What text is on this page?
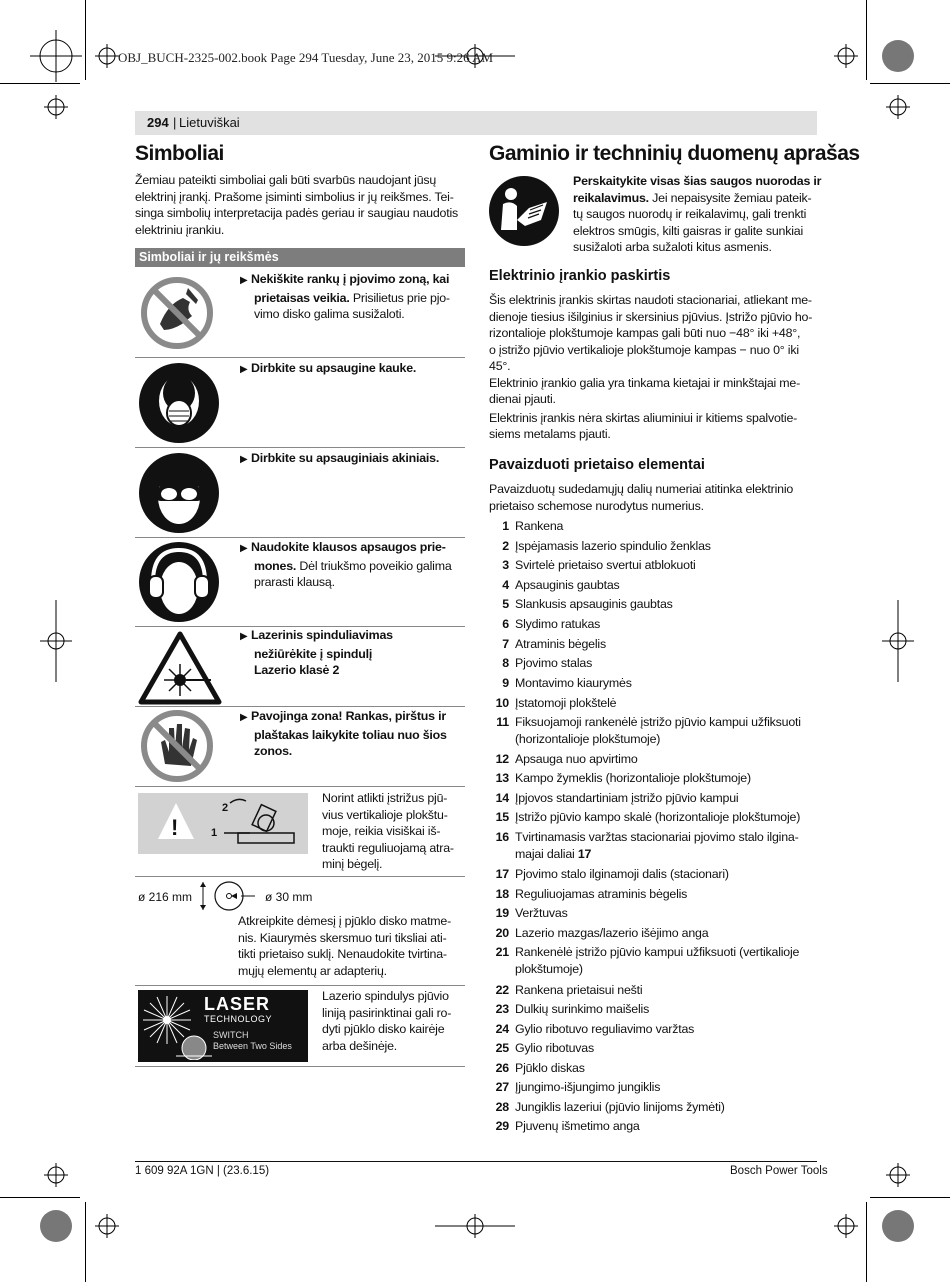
OBJ_BUCH-2325-002.book Page 294 Tuesday, June 23, 2015 9:26 AM
294 | Lietuviškai
Simboliai
Žemiau pateikti simboliai gali būti svarbūs naudojant jūsų
elektrinį įrankį. Prašome įsiminti simbolius ir jų reikšmes. Tei-
singa simbolių interpretacija padės geriau ir saugiau naudotis
elektriniu įrankiu.
Simboliai ir jų reikšmės
▶ Nekiškite rankų į pjovimo zoną, kai
prietaisas veikia. Prisilietus prie pjo-
vimo disko galima susižaloti.
▶ Dirbkite su apsaugine kauke.
▶ Dirbkite su apsauginiais akiniais.
▶ Naudokite klausos apsaugos prie-
mones. Dėl triukšmo poveikio galima
prarasti klausą.
▶ Lazerinis spinduliavimas
nežiūrėkite į spindulį
Lazerio klasė 2
▶ Pavojinga zona! Rankas, pirštus ir
plaštakas laikykite toliau nuo šios
zonos.
!
2
1
Norint atlikti įstrižus pjū-
vius vertikalioje plokštu-
moje, reikia visiškai iš-
traukti reguliuojamą atra-
minį bėgelį.
ø 216 mm	ø 30 mm
Atkreipkite dėmesį į pjūklo disko matme-
nis. Kiaurymės skersmuo turi tiksliai ati-
tikti prietaiso suklį. Nenaudokite tvirtina-
mųjų elementų ar adapterių.
LASER
TECHNOLOGY
SWITCH
Between Two Sides
Lazerio spindulys pjūvio
liniją pasirinktinai gali ro-
dyti pjūklo disko kairėje
arba dešinėje.
Gaminio ir techninių duomenų aprašas
Perskaitykite visas šias saugos nuorodas ir
reikalavimus. Jei nepaisysite žemiau pateik-
tų saugos nuorodų ir reikalavimų, gali trenkti
elektros smūgis, kilti gaisras ir galite sunkiai
susižaloti arba sužaloti kitus asmenis.
Elektrinio įrankio paskirtis
Šis elektrinis įrankis skirtas naudoti stacionariai, atliekant me-
dienoje tiesius išilginius ir skersinius pjūvius. Įstrižo pjūvio ho-
rizontalioje plokštumoje kampas gali būti nuo −48° iki +48°,
o įstrižo pjūvio vertikalioje plokštumoje kampas − nuo 0° iki
45°.
Elektrinio įrankio galia yra tinkama kietajai ir minkštajai me-
dienai pjauti.
Elektrinis įrankis nėra skirtas aliuminiui ir kitiems spalvotie-
siems metalams pjauti.
Pavaizduoti prietaiso elementai
Pavaizduotų sudedamųjų dalių numeriai atitinka elektrinio
prietaiso schemose nurodytus numerius.
1 Rankena
2 Įspėjamasis lazerio spindulio ženklas
3 Svirtelė prietaiso svertui atblokuoti
4 Apsauginis gaubtas
5 Slankusis apsauginis gaubtas
6 Slydimo ratukas
7 Atraminis bėgelis
8 Pjovimo stalas
9 Montavimo kiaurymės
10 Įstatomoji plokštelė
11 Fiksuojamoji rankenėlė įstrižo pjūvio kampui užfiksuoti
(horizontalioje plokštumoje)
12 Apsauga nuo apvirtimo
13 Kampo žymeklis (horizontalioje plokštumoje)
14 Įpjovos standartiniam įstrižo pjūvio kampui
15 Įstrižo pjūvio kampo skalė (horizontalioje plokštumoje)
16 Tvirtinamasis varžtas stacionariai pjovimo stalo ilgina-
majai daliai 17
17 Pjovimo stalo ilginamoji dalis (stacionari)
18 Reguliuojamas atraminis bėgelis
19 Veržtuvas
20 Lazerio mazgas/lazerio išėjimo anga
21 Rankenėlė įstrižo pjūvio kampui užfiksuoti (vertikalioje
plokštumoje)
22 Rankena prietaisui nešti
23 Dulkių surinkimo maišelis
24 Gylio ribotuvo reguliavimo varžtas
25 Gylio ribotuvas
26 Pjūklo diskas
27 Įjungimo-išjungimo jungiklis
28 Jungiklis lazeriui (pjūvio linijoms žymėti)
29 Pjuvenų išmetimo anga
1 609 92A 1GN | (23.6.15)	Bosch Power Tools
